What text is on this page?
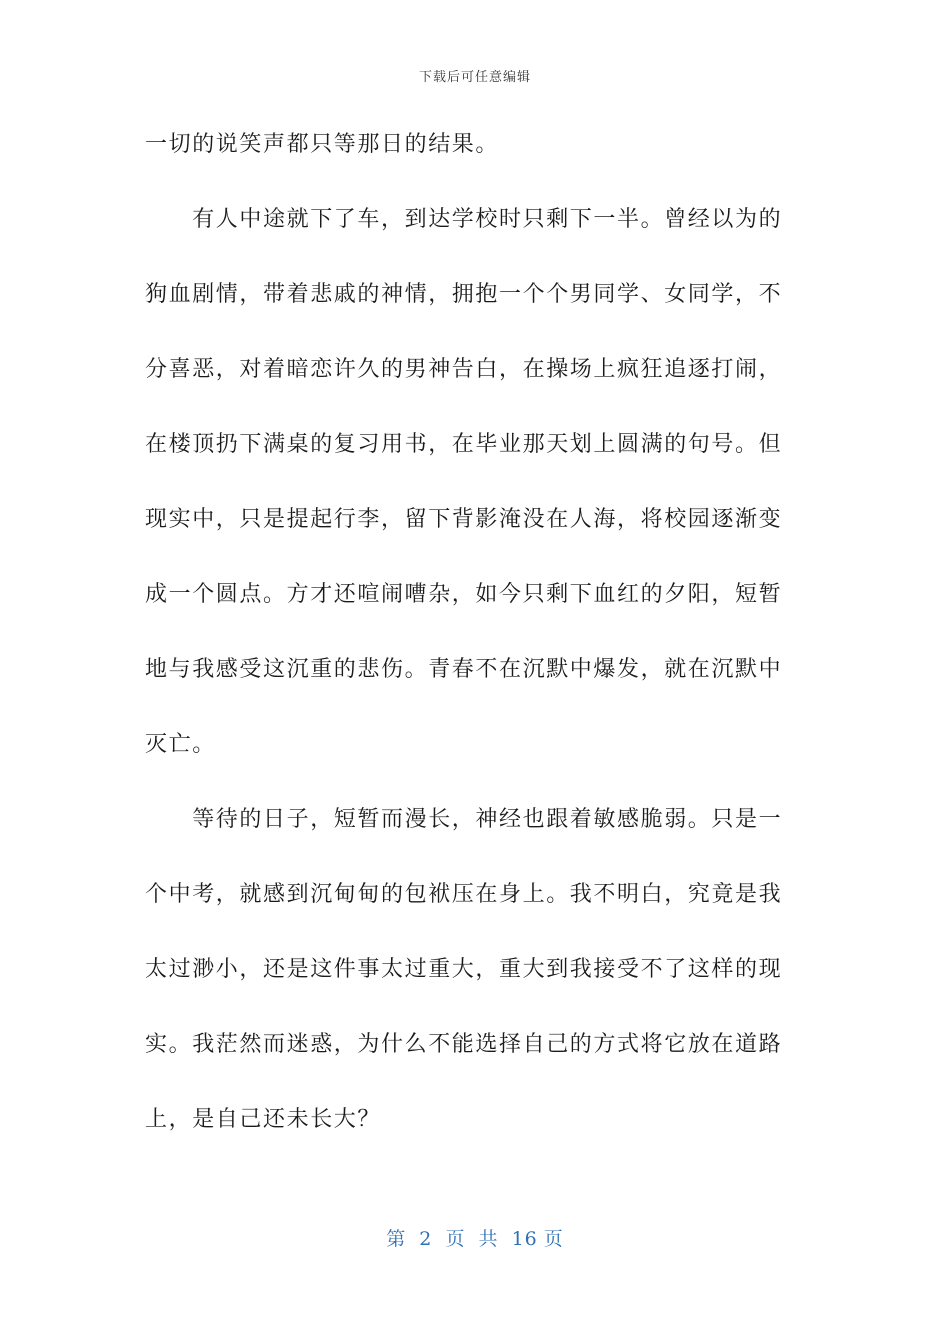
下载后可任意编辑
一切的说笑声都只等那日的结果。
　　有人中途就下了车，到达学校时只剩下一半。曾经以为的
狗血剧情，带着悲戚的神情，拥抱一个个男同学、女同学，不
分喜恶，对着暗恋许久的男神告白，在操场上疯狂追逐打闹，
在楼顶扔下满桌的复习用书，在毕业那天划上圆满的句号。但
现实中，只是提起行李，留下背影淹没在人海，将校园逐渐变
成一个圆点。方才还喧闹嘈杂，如今只剩下血红的夕阳，短暂
地与我感受这沉重的悲伤。青春不在沉默中爆发，就在沉默中
灭亡。
　　等待的日子，短暂而漫长，神经也跟着敏感脆弱。只是一
个中考，就感到沉甸甸的包袱压在身上。我不明白，究竟是我
太过渺小，还是这件事太过重大，重大到我接受不了这样的现
实。我茫然而迷惑，为什么不能选择自己的方式将它放在道路
上，是自己还未长大？
第 2 页 共 16 页
